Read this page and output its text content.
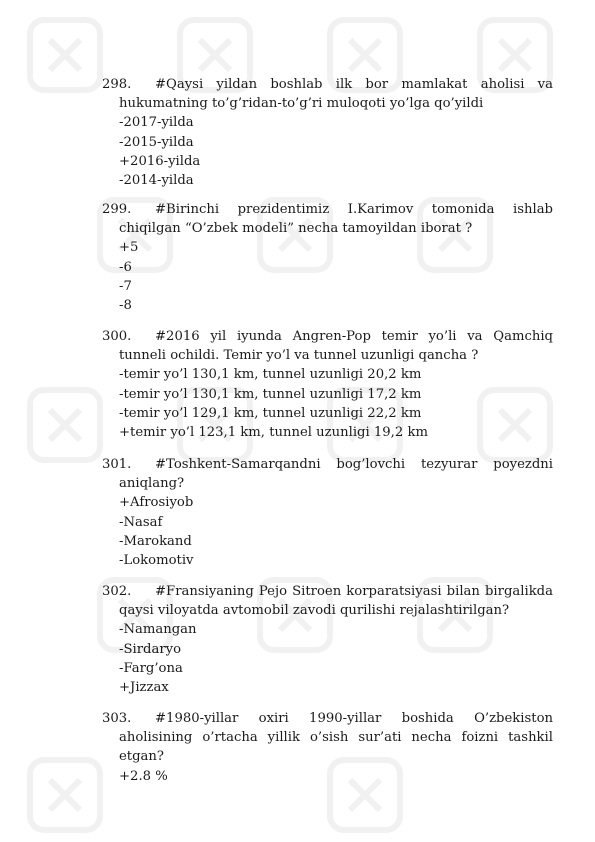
298.	#Qaysi yildan boshlab ilk bor mamlakat aholisi va hukumatning to’g’ridan-to’g’ri muloqoti yo’lga qo’yildi
-2017-yilda
-2015-yilda
+2016-yilda
-2014-yilda
299.	#Birinchi prezidentimiz I.Karimov tomonida ishlab chiqilgan “O’zbek modeli” necha tamoyildan iborat ?
+5
-6
-7
-8
300.	#2016 yil iyunda Angren-Pop temir yo’li va Qamchiq tunneli ochildi. Temir yo’l va tunnel uzunligi qancha ?
-temir yo’l 130,1 km, tunnel uzunligi 20,2 km
-temir yo’l 130,1 km, tunnel uzunligi 17,2 km
-temir yo’l 129,1 km, tunnel uzunligi 22,2 km
+temir yo’l 123,1 km, tunnel uzunligi 19,2 km
301.	#Toshkent-Samarqandni bog’lovchi tezyurar poyezdni aniqlang?
+Afrosiyob
-Nasaf
-Marokand
-Lokomotiv
302.	#Fransiyaning Pejo Sitroen korparatsiyasi bilan birgalikda qaysi viloyatda avtomobil zavodi qurilishi rejalashtirilgan?
-Namangan
-Sirdaryo
-Farg’ona
+Jizzax
303.	#1980-yillar oxiri 1990-yillar boshida O’zbekiston aholisining o’rtacha yillik o’sish sur’ati necha foizni tashkil etgan?
+2.8 %
